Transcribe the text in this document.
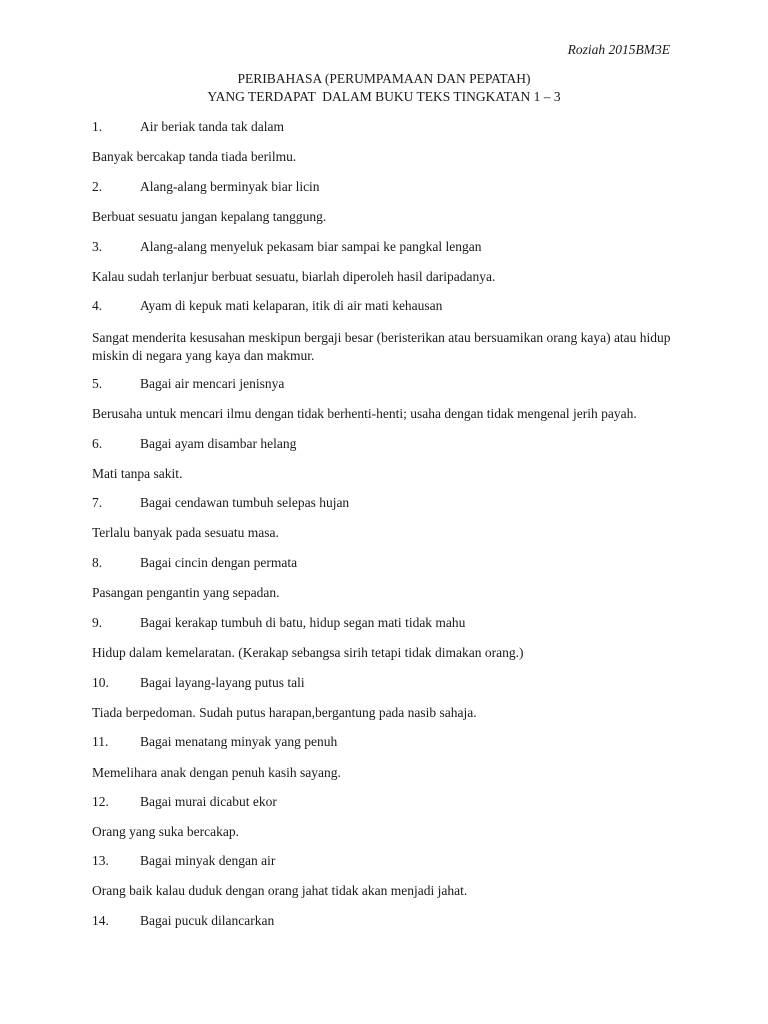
Roziah 2015BM3E
PERIBAHASA (PERUMPAMAAN DAN PEPATAH)
YANG TERDAPAT  DALAM BUKU TEKS TINGKATAN 1 – 3
1.	Air beriak tanda tak dalam
Banyak bercakap tanda tiada berilmu.
2.	Alang-alang berminyak biar licin
Berbuat sesuatu jangan kepalang tanggung.
3.	Alang-alang menyeluk pekasam biar sampai ke pangkal lengan
Kalau sudah terlanjur berbuat sesuatu, biarlah diperoleh hasil daripadanya.
4.	Ayam di kepuk mati kelaparan, itik di air mati kehausan
Sangat menderita kesusahan meskipun bergaji besar (beristerikan atau bersuamikan orang kaya) atau hidup miskin di negara yang kaya dan makmur.
5.	Bagai air mencari jenisnya
Berusaha untuk mencari ilmu dengan tidak berhenti-henti; usaha dengan tidak mengenal jerih payah.
6.	Bagai ayam disambar helang
Mati tanpa sakit.
7.	Bagai cendawan tumbuh selepas hujan
Terlalu banyak pada sesuatu masa.
8.	Bagai cincin dengan permata
Pasangan pengantin yang sepadan.
9.	Bagai kerakap tumbuh di batu, hidup segan mati tidak mahu
Hidup dalam kemelaratan. (Kerakap sebangsa sirih tetapi tidak dimakan orang.)
10. Bagai layang-layang putus tali
Tiada berpedoman. Sudah putus harapan,bergantung pada nasib sahaja.
11. Bagai menatang minyak yang penuh
Memelihara anak dengan penuh kasih sayang.
12. Bagai murai dicabut ekor
Orang yang suka bercakap.
13. Bagai minyak dengan air
Orang baik kalau duduk dengan orang jahat tidak akan menjadi jahat.
14. Bagai pucuk dilancarkan
